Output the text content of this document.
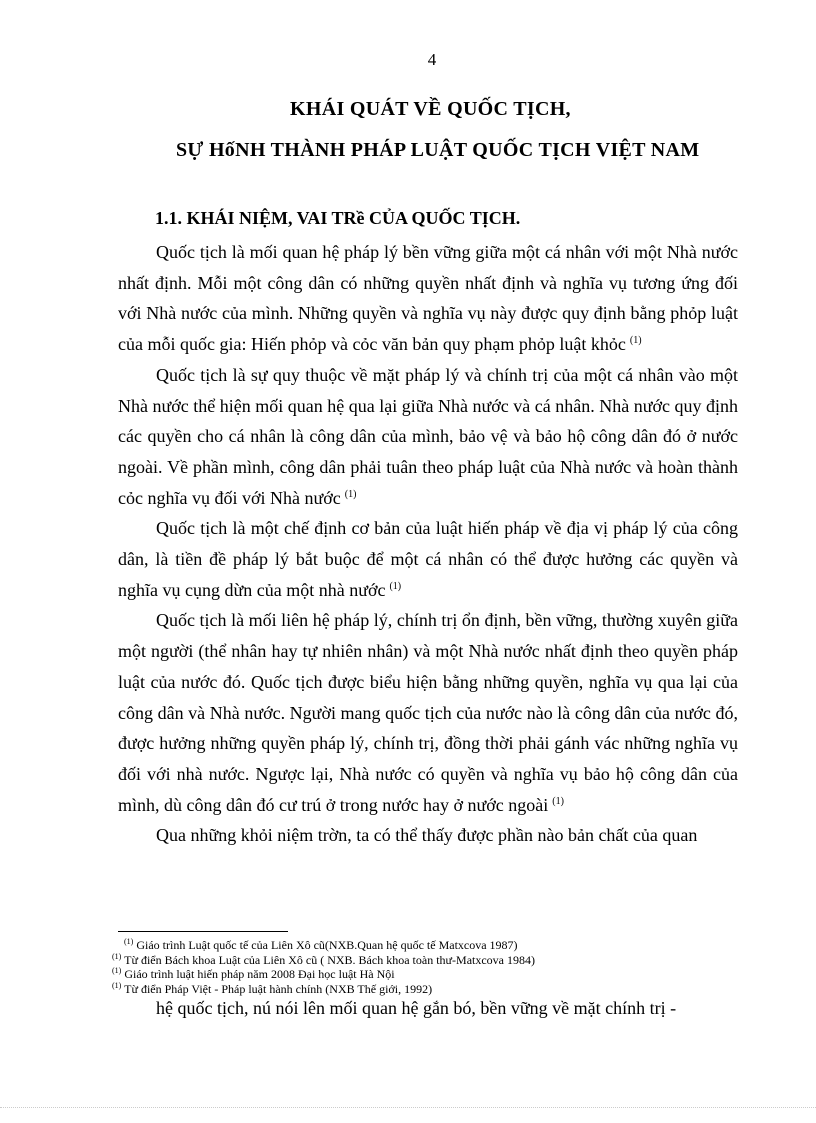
4
KHÁI QUÁT VỀ QUỐC TỊCH,
SỰ HốNH THÀNH PHÁP LUẬT QUỐC TỊCH VIỆT NAM
1.1. KHÁI NIỆM, VAI TRề CỦA QUỐC TỊCH.

Quốc tịch là mối quan hệ pháp lý bền vững giữa một cá nhân với một Nhà nước nhất định. Mỗi một công dân có những quyền nhất định và nghĩa vụ tương ứng đối với Nhà nước của mình. Những quyền và nghĩa vụ này được quy định bằng phỏp luật của mỗi quốc gia: Hiến phỏp và cỏc văn bản quy phạm phỏp luật khỏc $^{(1)}$

Quốc tịch là sự quy thuộc về mặt pháp lý và chính trị của một cá nhân vào một Nhà nước thể hiện mối quan hệ qua lại giữa Nhà nước và cá nhân. Nhà nước quy định các quyền cho cá nhân là công dân của mình, bảo vệ và bảo hộ công dân đó ở nước ngoài. Về phần mình, công dân phải tuân theo pháp luật của Nhà nước và hoàn thành cỏc nghĩa vụ đối với Nhà nước $^{(1)}$

Quốc tịch là một chế định cơ bản của luật hiến pháp về địa vị pháp lý của công dân, là tiền đề pháp lý bắt buộc để một cá nhân có thể được hưởng các quyền và nghĩa vụ cụng dừn của một nhà nước $^{(1)}$

Quốc tịch là mối liên hệ pháp lý, chính trị ổn định, bền vững, thường xuyên giữa một người (thể nhân hay tự nhiên nhân) và một Nhà nước nhất định theo quyền pháp luật của nước đó. Quốc tịch được biểu hiện bằng những quyền, nghĩa vụ qua lại của công dân và Nhà nước. Người mang quốc tịch của nước nào là công dân của nước đó, được hưởng những quyền pháp lý, chính trị, đồng thời phải gánh vác những nghĩa vụ đối với nhà nước. Ngược lại, Nhà nước có quyền và nghĩa vụ bảo hộ công dân của mình, dù công dân đó cư trú ở trong nước hay ở nước ngoài $^{(1)}$

Qua những khỏi niệm trờn, ta có thể thấy được phần nào bản chất của quan

$^{(1)}$ Giáo trình Luật quốc tế của Liên Xô cũ(NXB.Quan hệ quốc tế Matxcova 1987)
$^{(1)}$ Từ điển Bách khoa Luật của Liên Xô cũ ( NXB. Bách khoa toàn thư-Matxcova 1984)
$^{(1)}$ Giáo trình luật hiến pháp năm 2008 Đại học luật Hà Nội
$^{(1)}$ Từ điển Pháp Việt - Pháp luật hành chính (NXB Thế giới, 1992)
hệ quốc tịch, nú nói lên mối quan hệ gắn bó, bền vững về mặt chính trị -
